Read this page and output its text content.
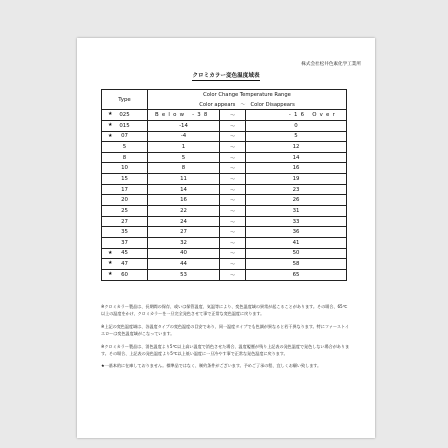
株式会社松井色素化学工業所
クロミカラー変色温度域表
Type	Color Change Temperature Range		
	Color appears ～ Color Disappears		

★ 025	Below -38	～	-16 Over

★ 015	-14	～	0

★ 07	-4	～	5

5	1	～	12

8	5	～	14

10	8	～	16

15	11	～	19

17	14	～	23

20	16	～	26

25	22	～	31

27	24	～	33

35	27	～	36

37	32	～	41

★ 45	40	～	50

★ 47	44	～	58

★ 60	53	～	65

※クロミカラー製品は、長期間の保存、或いは保管温度、気温等により、変色温度域の異常が起こることがあります。その場合、65℃以上の温度をかけ、クロミカラーを一旦完全発色させて事で正常な変色温度に戻ります。

※上記の変色温度域は、各温度タイプの変色温度の目安であり、同一温度タイプでも色調が異なると若干異なります。特にファーストイエローは変色温度域がこなっています。

※クロミカラー製品は、消色温度より5℃以上高い温度で消色させた場合、温度履歴が残り上記表の発色温度で発色しない場合があります。その場合、上記表の発色温度より5℃以上低い温度に一旦冷やす事で正常な発色温度に戻ります。

★一基本的に在庫しておりません。標準品ではなく、制約条件がございます。予めご了承の程、宜しくお願い致します。
